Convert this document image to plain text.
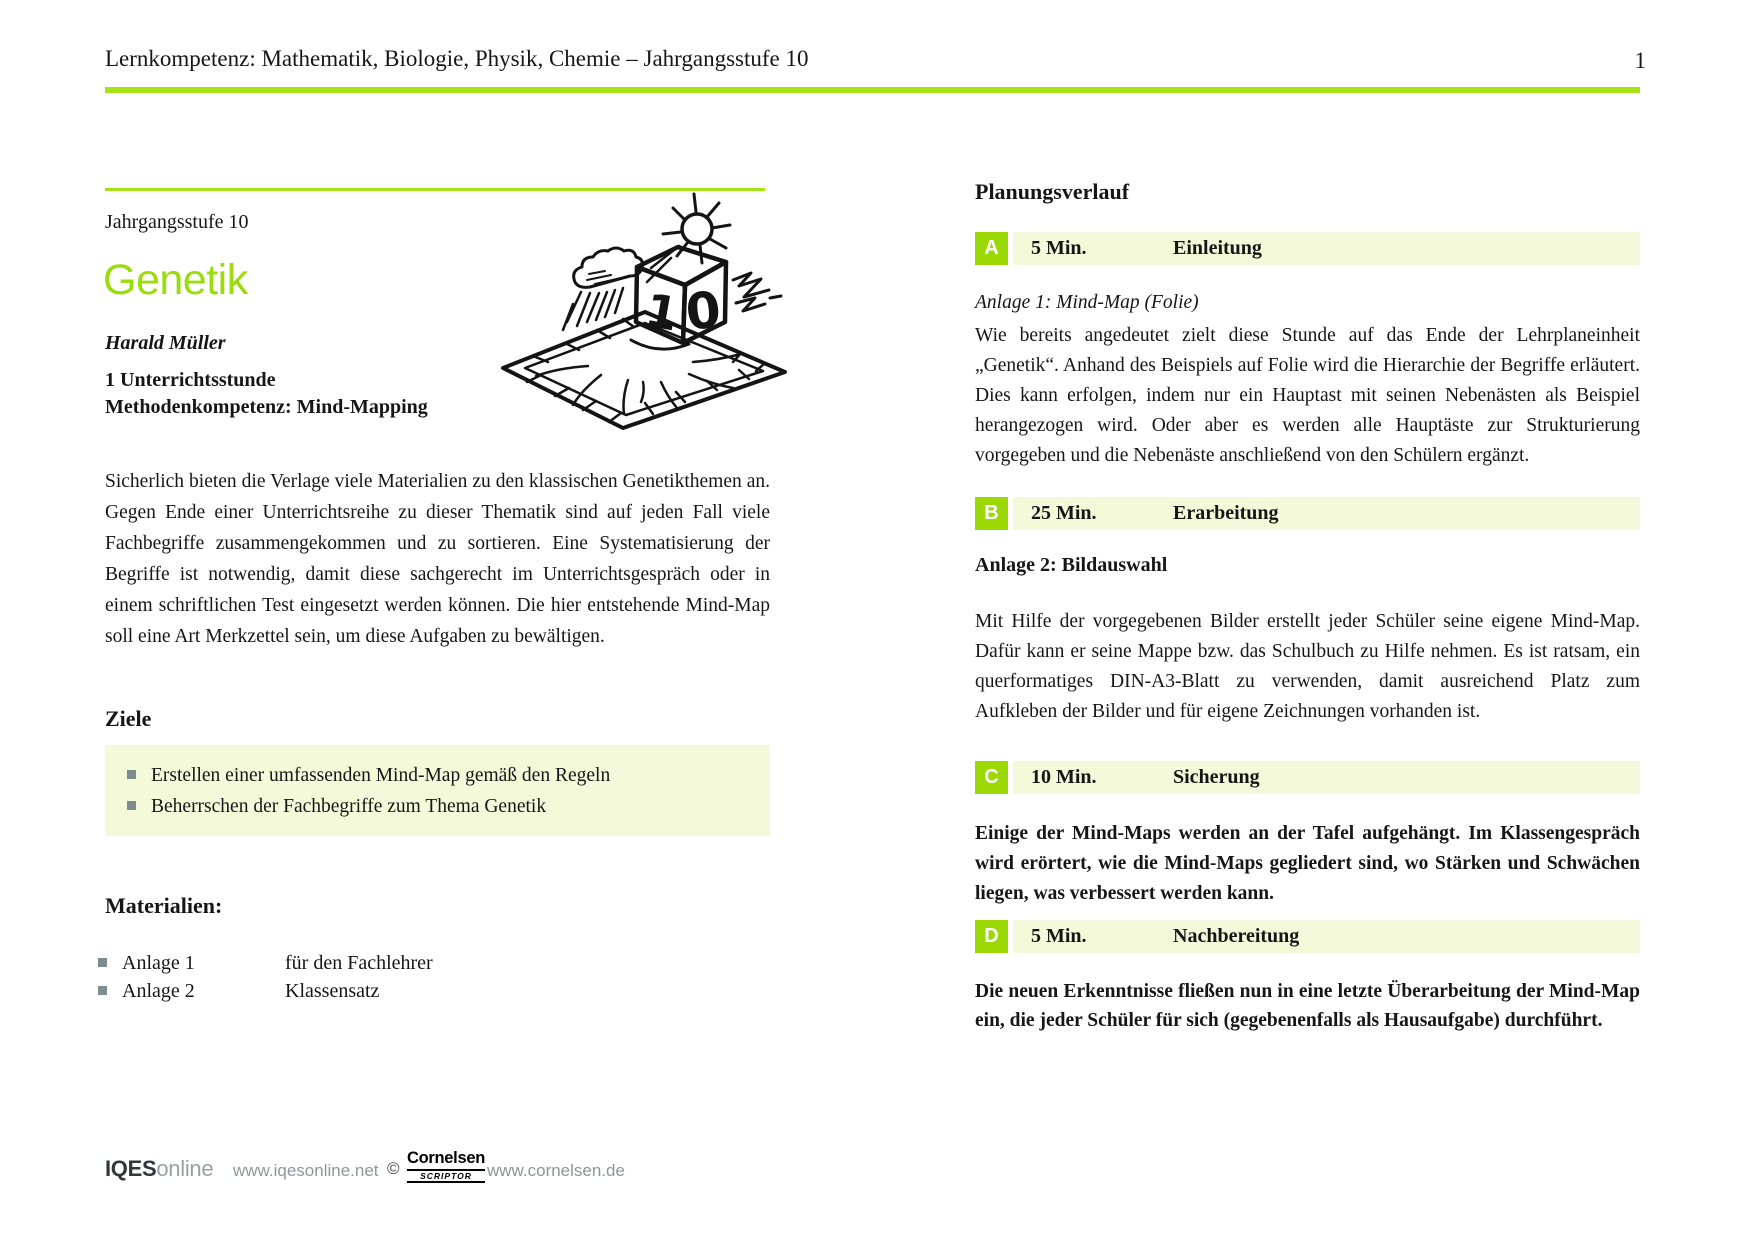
Lernkompetenz: Mathematik, Biologie, Physik, Chemie – Jahrgangsstufe 10	1
Jahrgangsstufe 10
Genetik
Harald Müller
1 Unterrichtsstunde
Methodenkompetenz: Mind-Mapping
1 0

Sicherlich bieten die Verlage viele Materialien zu den klassischen Genetikthemen an. Gegen Ende einer Unterrichtsreihe zu dieser Thematik sind auf jeden Fall viele Fachbegriffe zusammengekommen und zu sortieren. Eine Systematisierung der Begriffe ist notwendig, damit diese sachgerecht im Unterrichtsgespräch oder in einem schriftlichen Test eingesetzt werden können. Die hier entstehende Mind-Map soll eine Art Merkzettel sein, um diese Aufgaben zu bewältigen.

Ziele
Erstellen einer umfassenden Mind-Map gemäß den Regeln
Beherrschen der Fachbegriffe zum Thema Genetik
Materialien:
Anlage 1	für den Fachlehrer
Anlage 2	Klassensatz
Planungsverlauf
A	5 Min.	Einleitung
Anlage 1: Mind-Map (Folie)

Wie bereits angedeutet zielt diese Stunde auf das Ende der Lehrplaneinheit „Genetik“. Anhand des Beispiels auf Folie wird die Hierarchie der Begriffe erläutert. Dies kann erfolgen, indem nur ein Hauptast mit seinen Nebenästen als Beispiel herangezogen wird. Oder aber es werden alle Hauptäste zur Strukturierung vorgegeben und die Nebenäste anschließend von den Schülern ergänzt.

B	25 Min.	Erarbeitung
Anlage 2: Bildauswahl

Mit Hilfe der vorgegebenen Bilder erstellt jeder Schüler seine eigene Mind-Map. Dafür kann er seine Mappe bzw. das Schulbuch zu Hilfe nehmen. Es ist ratsam, ein querformatiges DIN-A3-Blatt zu verwenden, damit ausreichend Platz zum Aufkleben der Bilder und für eigene Zeichnungen vorhanden ist.

C	10 Min.	Sicherung

Einige der Mind-Maps werden an der Tafel aufgehängt. Im Klassengespräch wird erörtert, wie die Mind-Maps gegliedert sind, wo Stärken und Schwächen liegen, was verbessert werden kann.

D	5 Min.	Nachbereitung

Die neuen Erkenntnisse fließen nun in eine letzte Überarbeitung der Mind-Map ein, die jeder Schüler für sich (gegebenenfalls als Hausaufgabe) durchführt.

IQESonline www.iqesonline.net ©
Cornelsen
SCRIPTOR www.cornelsen.de
